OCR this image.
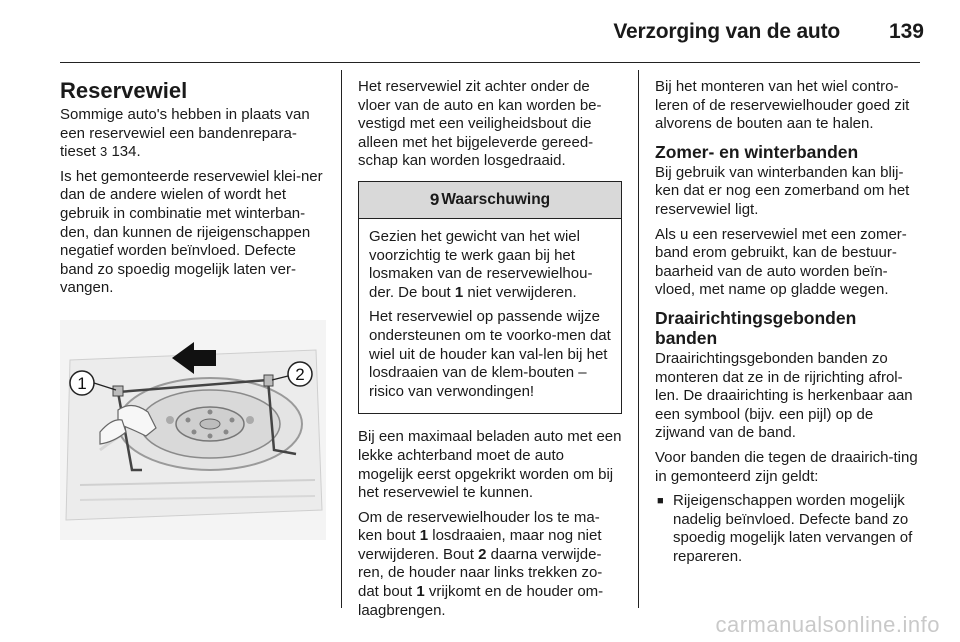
Verzorging van de auto 139
Reservewiel

Sommige auto's hebben in plaats van een reservewiel een bandenrepara-tieset 3 134.

Is het gemonteerde reservewiel klei-ner dan de andere wielen of wordt het gebruik in combinatie met winterban-den, dan kunnen de rijeigenschappen negatief worden beïnvloed. Defecte band zo spoedig mogelijk laten ver-vangen.

1	2

Het reservewiel zit achter onder de vloer van de auto en kan worden be-vestigd met een veiligheidsbout die alleen met het bijgeleverde gereed-schap kan worden losgedraaid.

9 Waarschuwing

Gezien het gewicht van het wiel voorzichtig te werk gaan bij het losmaken van de reservewielhou-der. De bout 1 niet verwijderen.

Het reservewiel op passende wijze ondersteunen om te voorko-men dat wiel uit de houder kan val-len bij het losdraaien van de klem-bouten – risico van verwondingen!

Bij een maximaal beladen auto met een lekke achterband moet de auto mogelijk eerst opgekrikt worden om bij het reservewiel te kunnen.

Om de reservewielhouder los te ma-ken bout 1 losdraaien, maar nog niet verwijderen. Bout 2 daarna verwijde-ren, de houder naar links trekken zo-dat bout 1 vrijkomt en de houder om-laagbrengen.

Bij het monteren van het wiel contro-leren of de reservewielhouder goed zit alvorens de bouten aan te halen.

Zomer- en winterbanden

Bij gebruik van winterbanden kan blij-ken dat er nog een zomerband om het reservewiel ligt.

Als u een reservewiel met een zomer-band erom gebruikt, kan de bestuur-baarheid van de auto worden beïn-vloed, met name op gladde wegen.

Draairichtingsgebonden banden

Draairichtingsgebonden banden zo monteren dat ze in de rijrichting afrol-len. De draairichting is herkenbaar aan een symbool (bijv. een pijl) op de zijwand van de band.

Voor banden die tegen de draairich-ting in gemonteerd zijn geldt:

■ Rijeigenschappen worden mogelijk nadelig beïnvloed. Defecte band zo spoedig mogelijk laten vervangen of repareren.

carmanualsonline.info
